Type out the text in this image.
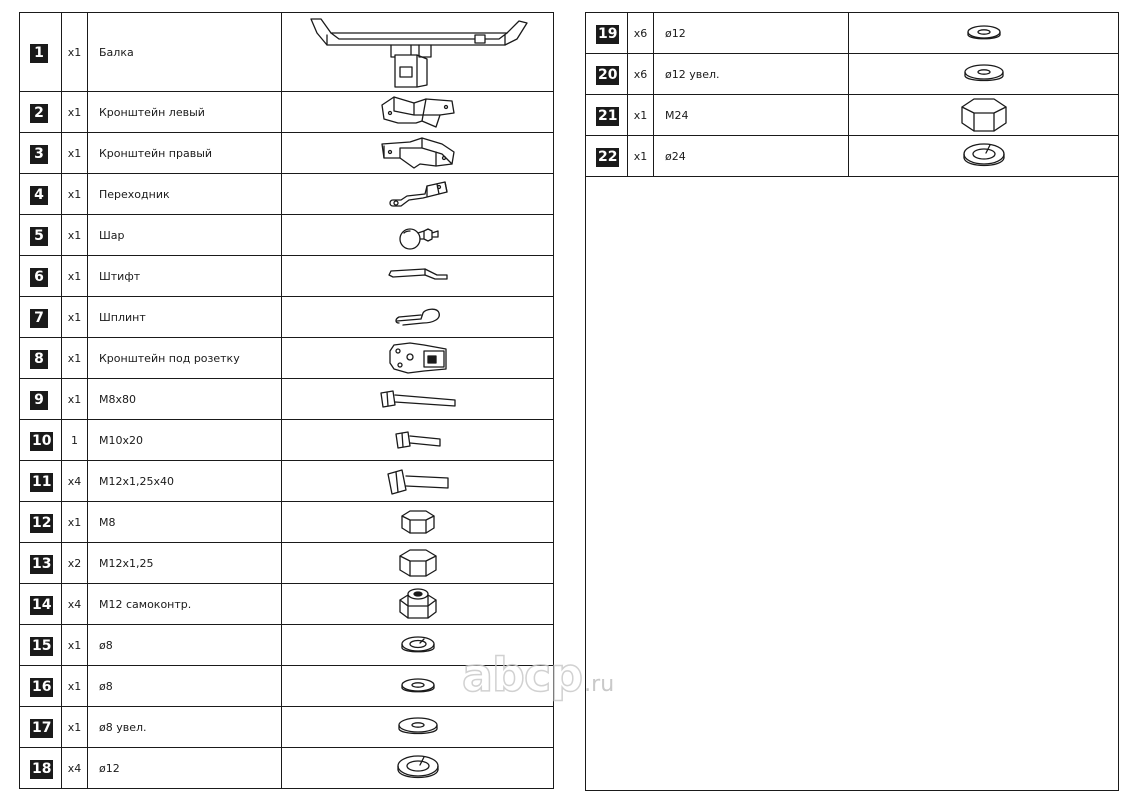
1	x1	Балка	

2	x1	Кронштейн левый	

3	x1	Кронштейн правый	

4	x1	Переходник	

5	x1	Шар	

6	x1	Штифт	

7	x1	Шплинт	

8	x1	Кронштейн под розетку	

9	x1	M8x80	

10	1	M10x20	

11	x4	M12x1,25x40	

12	x1	M8	

13	x2	M12x1,25	

14	x4	M12 самоконтр.	

15	x1	ø8	

16	x1	ø8	

17	x1	ø8 увел.	

18	x4	ø12	
19	x6	ø12	

20	x6	ø12 увел.	

21	x1	M24	

22	x1	ø24	

abcp .ru
